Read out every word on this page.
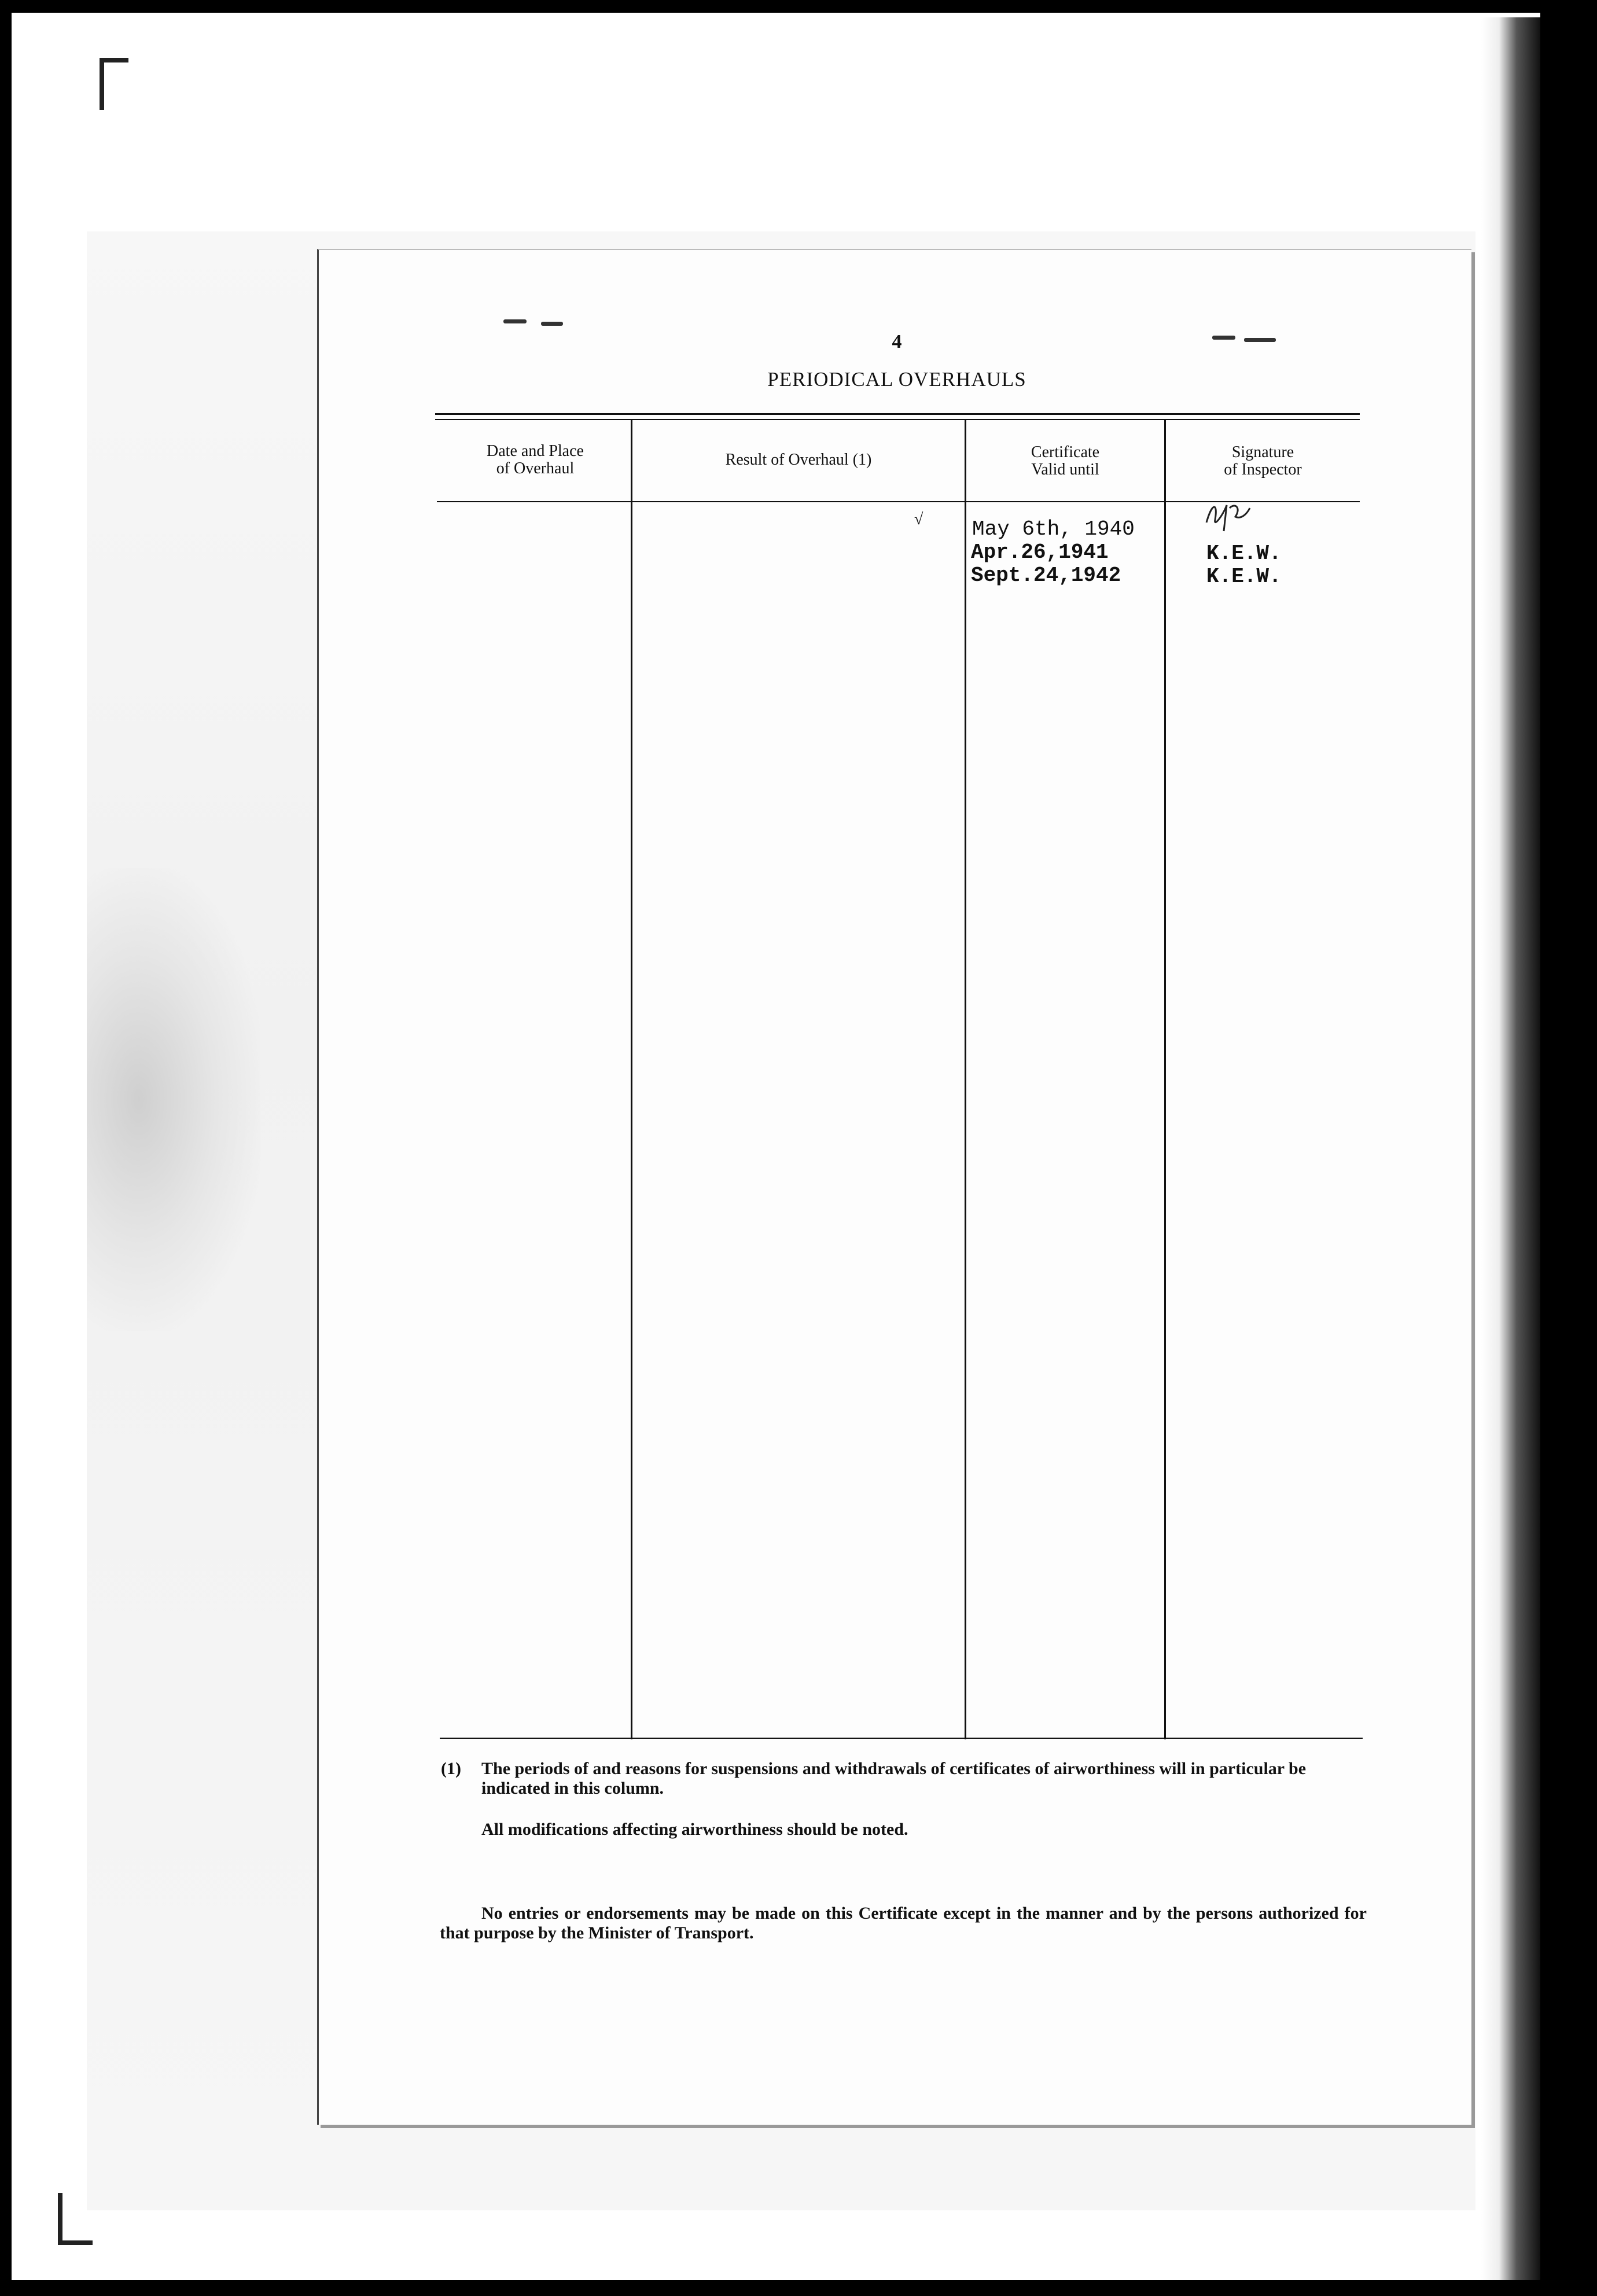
4
PERIODICAL OVERHAULS
Date and Place
of Overhaul	Result of Overhaul (1)	Certificate
Valid until
Signature
of Inspector
√ May 6th, 1940
Apr.26,1941
Sept.24,1942
K.E.W.
K.E.W.
(1) The periods of and reasons for suspensions and withdrawals of certificates of airworthiness will in particular be indicated in this column.
All modifications affecting airworthiness should be noted.
No entries or endorsements may be made on this Certificate except in the manner and by the persons authorized for that purpose by the Minister of Transport.
